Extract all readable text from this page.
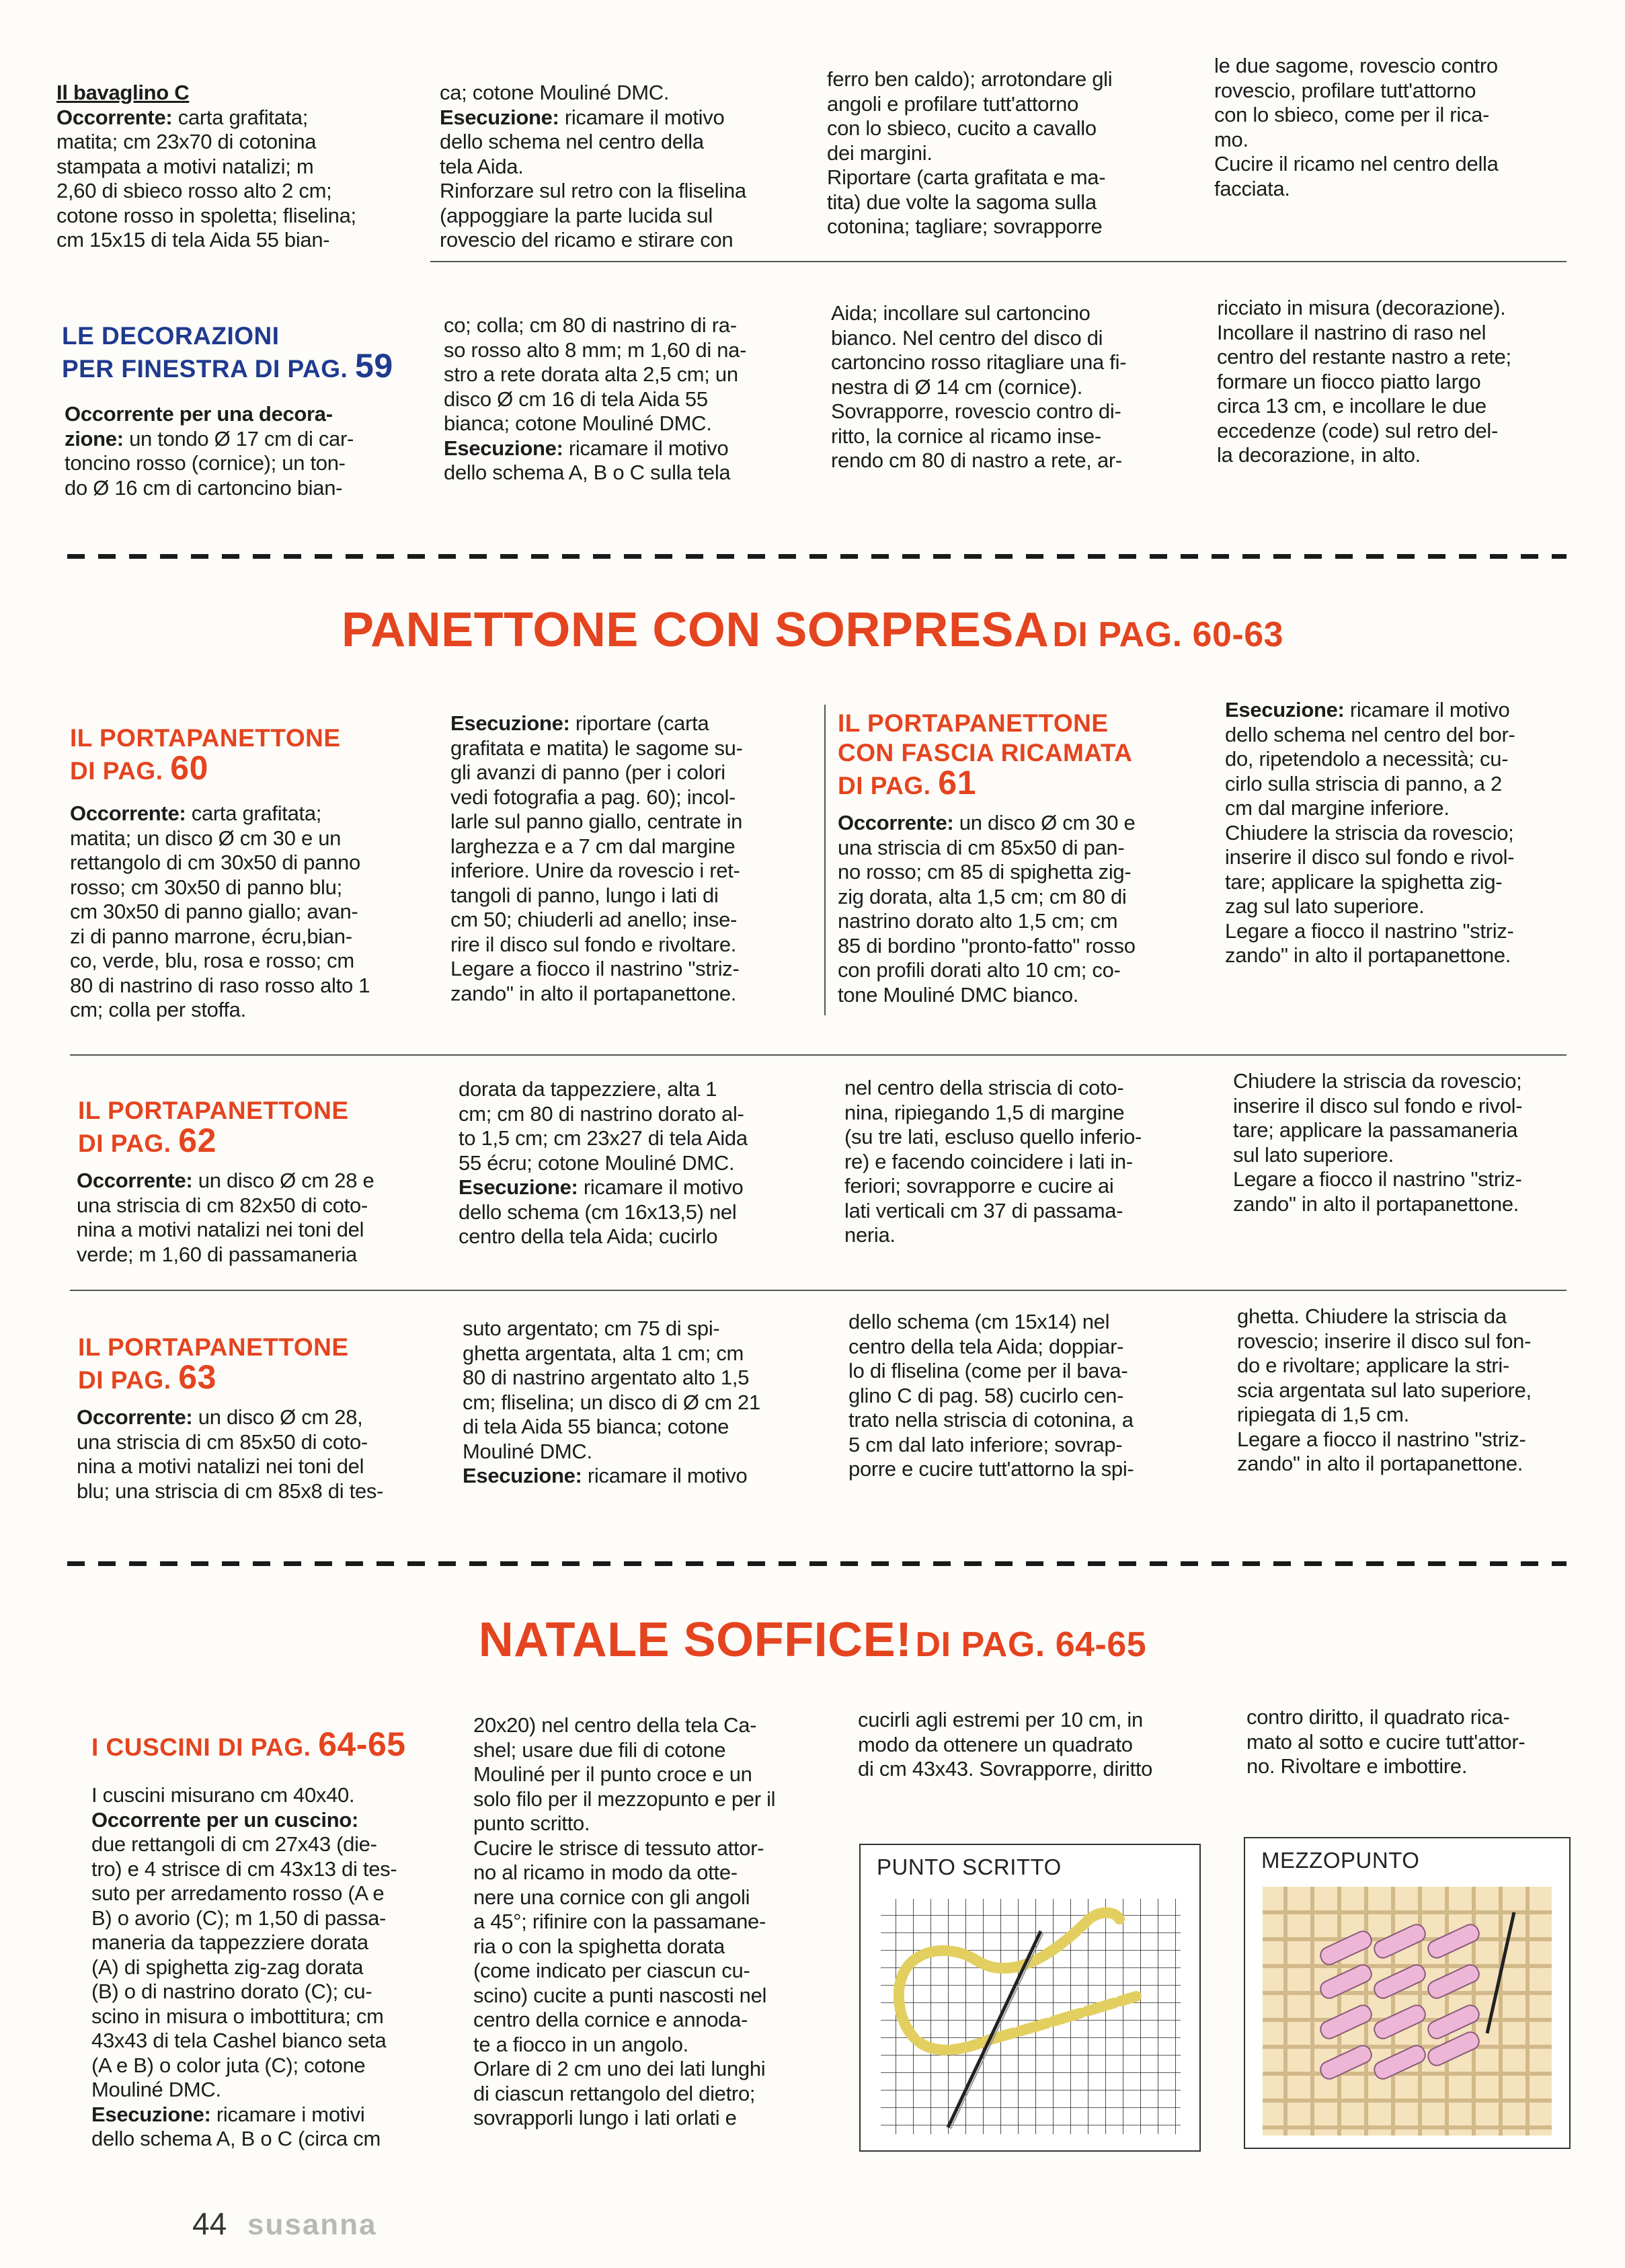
Il bavaglino C

Occorrente: carta grafitata;

matita; cm 23x70 di cotonina

stampata a motivi natalizi; m

2,60 di sbieco rosso alto 2 cm;

cotone rosso in spoletta; fliselina;

cm 15x15 di tela Aida 55 bian-

ca; cotone Mouliné DMC.

Esecuzione: ricamare il motivo

dello schema nel centro della

tela Aida.

Rinforzare sul retro con la fliselina

(appoggiare la parte lucida sul

rovescio del ricamo e stirare con

ferro ben caldo); arrotondare gli

angoli e profilare tutt'attorno

con lo sbieco, cucito a cavallo

dei margini.

Riportare (carta grafitata e ma-

tita) due volte la sagoma sulla

cotonina; tagliare; sovrapporre

le due sagome, rovescio contro

rovescio, profilare tutt'attorno

con lo sbieco, come per il rica-

mo.

Cucire il ricamo nel centro della

facciata.

LE DECORAZIONI
PER FINESTRA DI PAG. 59

Occorrente per una decora-

zione: un tondo Ø 17 cm di car-

toncino rosso (cornice); un ton-

do Ø 16 cm di cartoncino bian-

co; colla; cm 80 di nastrino di ra-

so rosso alto 8 mm; m 1,60 di na-

stro a rete dorata alta 2,5 cm; un

disco Ø cm 16 di tela Aida 55

bianca; cotone Mouliné DMC.

Esecuzione: ricamare il motivo

dello schema A, B o C sulla tela

Aida; incollare sul cartoncino

bianco. Nel centro del disco di

cartoncino rosso ritagliare una fi-

nestra di Ø 14 cm (cornice).

Sovrapporre, rovescio contro di-

ritto, la cornice al ricamo inse-

rendo cm 80 di nastro a rete, ar-

ricciato in misura (decorazione).

Incollare il nastrino di raso nel

centro del restante nastro a rete;

formare un fiocco piatto largo

circa 13 cm, e incollare le due

eccedenze (code) sul retro del-

la decorazione, in alto.

PANETTONE CON SORPRESA DI PAG. 60-63
IL PORTAPANETTONE
DI PAG. 60

Occorrente: carta grafitata;

matita; un disco Ø cm 30 e un

rettangolo di cm 30x50 di panno

rosso; cm 30x50 di panno blu;

cm 30x50 di panno giallo; avan-

zi di panno marrone, écru,bian-

co, verde, blu, rosa e rosso; cm

80 di nastrino di raso rosso alto 1

cm; colla per stoffa.

Esecuzione: riportare (carta

grafitata e matita) le sagome su-

gli avanzi di panno (per i colori

vedi fotografia a pag. 60); incol-

larle sul panno giallo, centrate in

larghezza e a 7 cm dal margine

inferiore. Unire da rovescio i ret-

tangoli di panno, lungo i lati di

cm 50; chiuderli ad anello; inse-

rire il disco sul fondo e rivoltare.

Legare a fiocco il nastrino "striz-

zando" in alto il portapanettone.

IL PORTAPANETTONE
CON FASCIA RICAMATA
DI PAG. 61

Occorrente: un disco Ø cm 30 e

una striscia di cm 85x50 di pan-

no rosso; cm 85 di spighetta zig-

zig dorata, alta 1,5 cm; cm 80 di

nastrino dorato alto 1,5 cm; cm

85 di bordino "pronto-fatto" rosso

con profili dorati alto 10 cm; co-

tone Mouliné DMC bianco.

Esecuzione: ricamare il motivo

dello schema nel centro del bor-

do, ripetendolo a necessità; cu-

cirlo sulla striscia di panno, a 2

cm dal margine inferiore.

Chiudere la striscia da rovescio;

inserire il disco sul fondo e rivol-

tare; applicare la spighetta zig-

zag sul lato superiore.

Legare a fiocco il nastrino "striz-

zando" in alto il portapanettone.

IL PORTAPANETTONE
DI PAG. 62

Occorrente: un disco Ø cm 28 e

una striscia di cm 82x50 di coto-

nina a motivi natalizi nei toni del

verde; m 1,60 di passamaneria

dorata da tappezziere, alta 1

cm; cm 80 di nastrino dorato al-

to 1,5 cm; cm 23x27 di tela Aida

55 écru; cotone Mouliné DMC.

Esecuzione: ricamare il motivo

dello schema (cm 16x13,5) nel

centro della tela Aida; cucirlo

nel centro della striscia di coto-

nina, ripiegando 1,5 di margine

(su tre lati, escluso quello inferio-

re) e facendo coincidere i lati in-

feriori; sovrapporre e cucire ai

lati verticali cm 37 di passama-

neria.

Chiudere la striscia da rovescio;

inserire il disco sul fondo e rivol-

tare; applicare la passamaneria

sul lato superiore.

Legare a fiocco il nastrino "striz-

zando" in alto il portapanettone.

IL PORTAPANETTONE
DI PAG. 63

Occorrente: un disco Ø cm 28,

una striscia di cm 85x50 di coto-

nina a motivi natalizi nei toni del

blu; una striscia di cm 85x8 di tes-

suto argentato; cm 75 di spi-

ghetta argentata, alta 1 cm; cm

80 di nastrino argentato alto 1,5

cm; fliselina; un disco di Ø cm 21

di tela Aida 55 bianca; cotone

Mouliné DMC.

Esecuzione: ricamare il motivo

dello schema (cm 15x14) nel

centro della tela Aida; doppiar-

lo di fliselina (come per il bava-

glino C di pag. 58) cucirlo cen-

trato nella striscia di cotonina, a

5 cm dal lato inferiore; sovrap-

porre e cucire tutt'attorno la spi-

ghetta. Chiudere la striscia da

rovescio; inserire il disco sul fon-

do e rivoltare; applicare la stri-

scia argentata sul lato superiore,

ripiegata di 1,5 cm.

Legare a fiocco il nastrino "striz-

zando" in alto il portapanettone.

NATALE SOFFICE! DI PAG. 64-65
I CUSCINI DI PAG. 64-65

I cuscini misurano cm 40x40.

Occorrente per un cuscino:

due rettangoli di cm 27x43 (die-

tro) e 4 strisce di cm 43x13 di tes-

suto per arredamento rosso (A e

B) o avorio (C); m 1,50 di passa-

maneria da tappezziere dorata

(A) di spighetta zig-zag dorata

(B) o di nastrino dorato (C); cu-

scino in misura o imbottitura; cm

43x43 di tela Cashel bianco seta

(A e B) o color juta (C); cotone

Mouliné DMC.

Esecuzione: ricamare i motivi

dello schema A, B o C (circa cm

20x20) nel centro della tela Ca-

shel; usare due fili di cotone

Mouliné per il punto croce e un

solo filo per il mezzopunto e per il

punto scritto.

Cucire le strisce di tessuto attor-

no al ricamo in modo da otte-

nere una cornice con gli angoli

a 45°; rifinire con la passamane-

ria o con la spighetta dorata

(come indicato per ciascun cu-

scino) cucite a punti nascosti nel

centro della cornice e annoda-

te a fiocco in un angolo.

Orlare di 2 cm uno dei lati lunghi

di ciascun rettangolo del dietro;

sovrapporli lungo i lati orlati e

cucirli agli estremi per 10 cm, in

modo da ottenere un quadrato

di cm 43x43. Sovrapporre, diritto

contro diritto, il quadrato rica-

mato al sotto e cucire tutt'attor-

no. Rivoltare e imbottire.

PUNTO SCRITTO	MEZZOPUNTO
44 susanna
